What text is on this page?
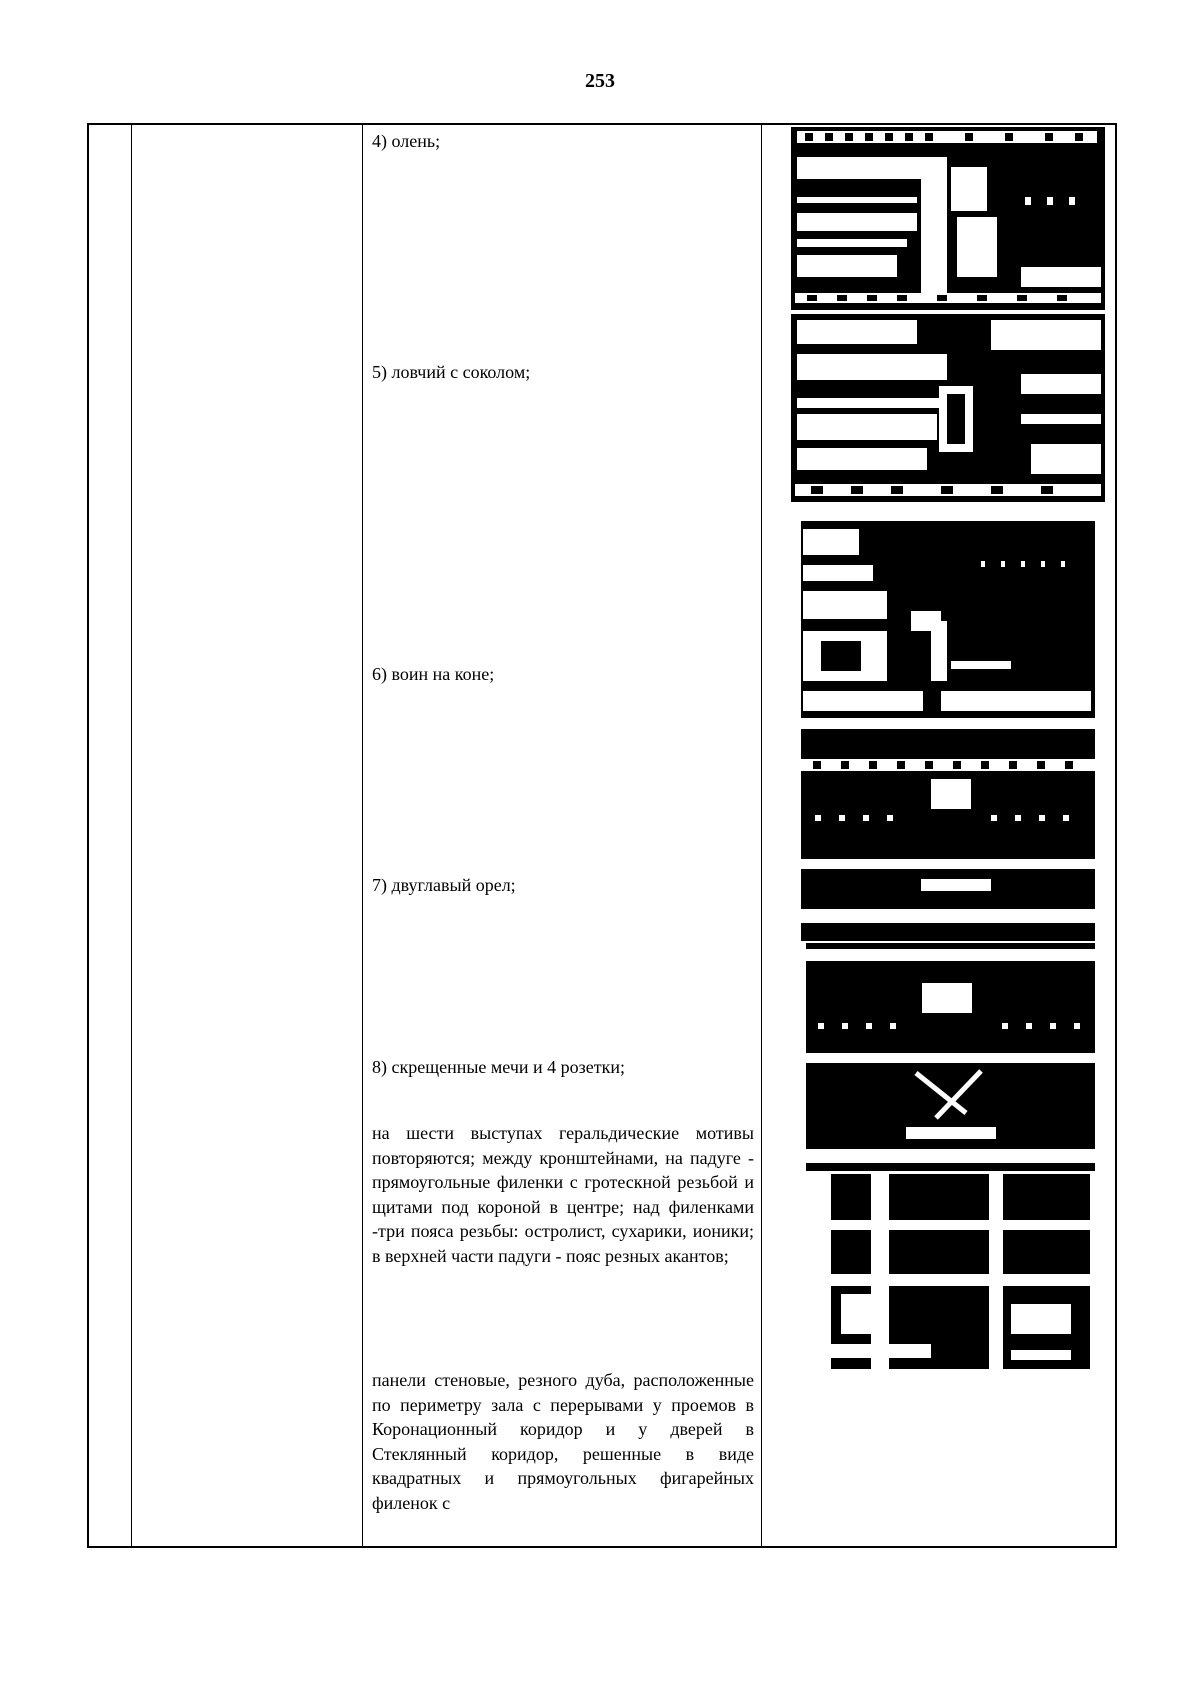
253
4) олень;
5) ловчий с соколом;
6) воин на коне;
7) двуглавый орел;
8) скрещенные мечи и 4 розетки;
на шести выступах геральдические мотивы повторяются; между кронштейнами, на падуге - прямоугольные филенки с гротескной резьбой и щитами под короной в центре; над филенками -три пояса резьбы: остролист, сухарики, ионики; в верхней части падуги - пояс резных акантов;
панели стеновые, резного дуба, расположенные по периметру зала с перерывами у проемов в Коронационный коридор и у дверей в Стеклянный коридор, решенные в виде квадратных и прямоугольных фигарейных филенок с
